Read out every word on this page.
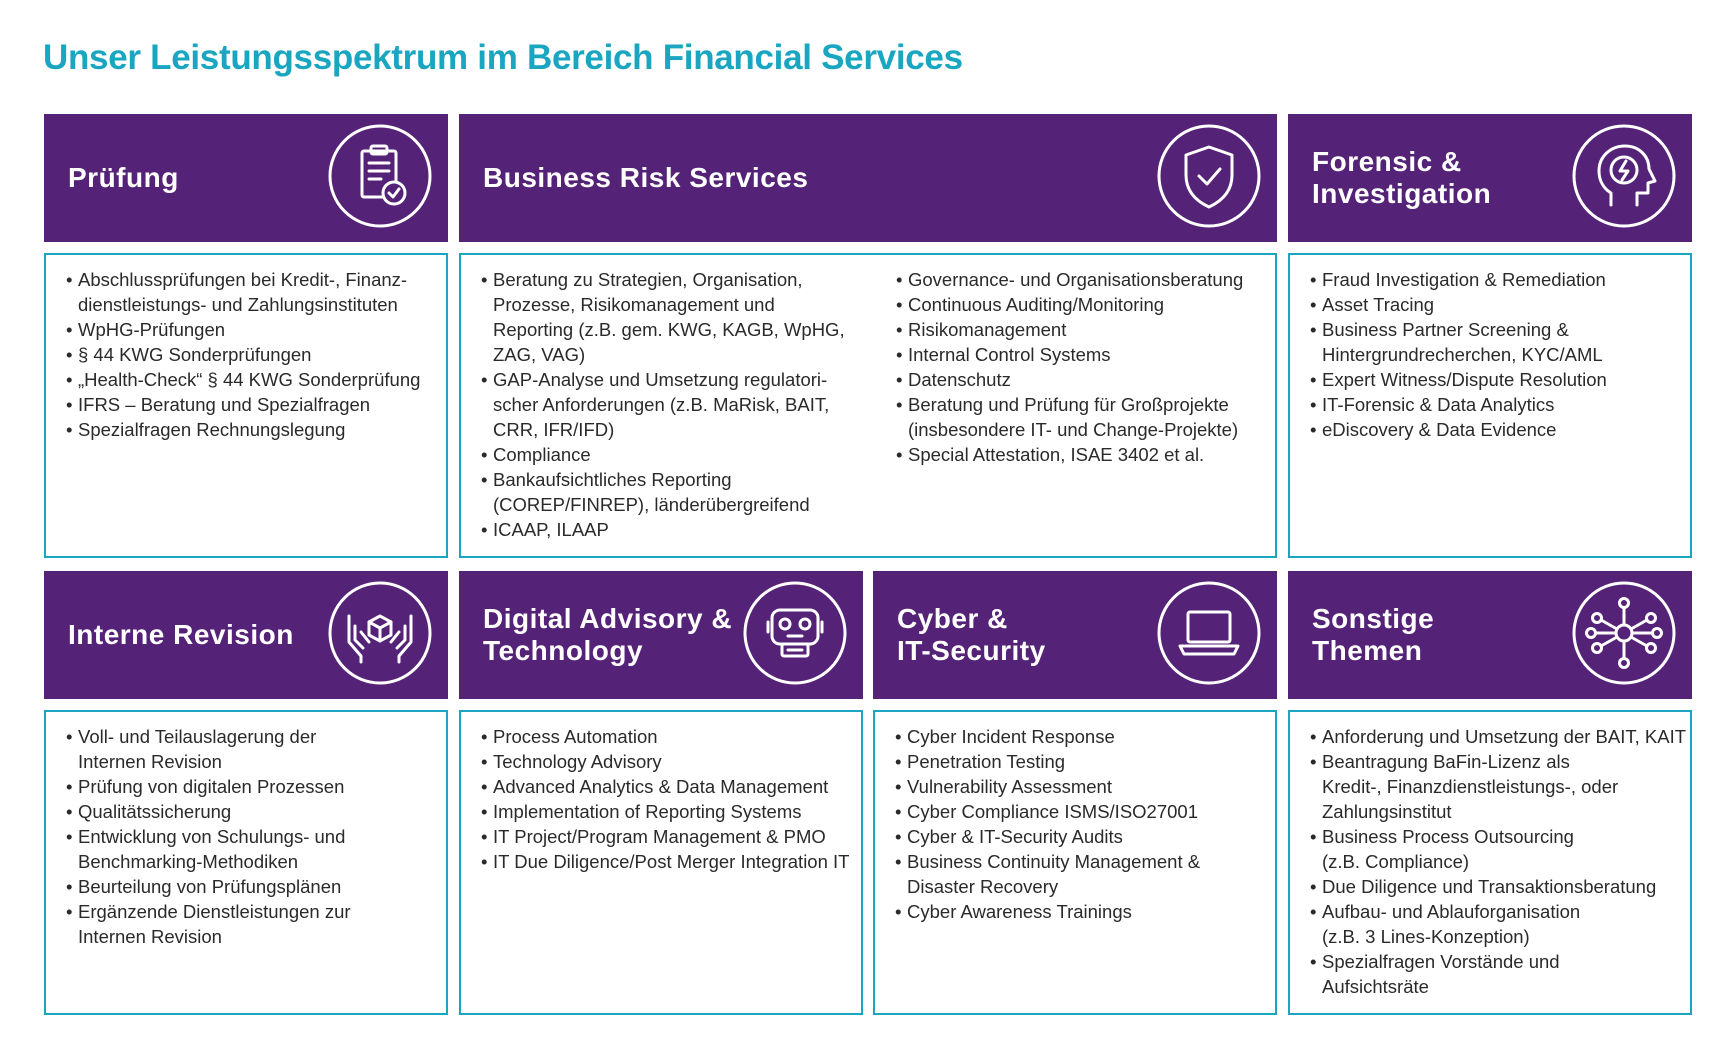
Unser Leistungsspektrum im Bereich Financial Services
Prüfung	Business Risk Services
Forensic &
Investigation
• Abschlussprüfungen bei Kredit-, Finanz-
dienstleistungs- und Zahlungsinstituten
• WpHG-Prüfungen
• § 44 KWG Sonderprüfungen
• „Health-Check“ § 44 KWG Sonderprüfung
• IFRS – Beratung und Spezialfragen
• Spezialfragen Rechnungslegung
• Beratung zu Strategien, Organisation,
Prozesse, Risikomanagement und
Reporting (z.B. gem. KWG, KAGB, WpHG,
ZAG, VAG)
• GAP-Analyse und Umsetzung regulatori-
scher Anforderungen (z.B. MaRisk, BAIT,
CRR, IFR/IFD)
• Compliance
• Bankaufsichtliches Reporting
(COREP/FINREP), länderübergreifend
• ICAAP, ILAAP
• Governance- und Organisationsberatung
• Continuous Auditing/Monitoring
• Risikomanagement
• Internal Control Systems
• Datenschutz
• Beratung und Prüfung für Großprojekte
(insbesondere IT- und Change-Projekte)
• Special Attestation, ISAE 3402 et al.
• Fraud Investigation & Remediation
• Asset Tracing
• Business Partner Screening &
Hintergrundrecherchen, KYC/AML
• Expert Witness/Dispute Resolution
• IT-Forensic & Data Analytics
• eDiscovery & Data Evidence
Interne Revision
Digital Advisory &
Technology
Cyber &
IT-Security
Sonstige
Themen
• Voll- und Teilauslagerung der
Internen Revision
• Prüfung von digitalen Prozessen
• Qualitätssicherung
• Entwicklung von Schulungs- und
Benchmarking-Methodiken
• Beurteilung von Prüfungsplänen
• Ergänzende Dienstleistungen zur
Internen Revision
• Process Automation
• Technology Advisory
• Advanced Analytics & Data Management
• Implementation of Reporting Systems
• IT Project/Program Management & PMO
• IT Due Diligence/Post Merger Integration IT
• Cyber Incident Response
• Penetration Testing
• Vulnerability Assessment
• Cyber Compliance ISMS/ISO27001
• Cyber & IT-Security Audits
• Business Continuity Management &
Disaster Recovery
• Cyber Awareness Trainings
• Anforderung und Umsetzung der BAIT, KAIT
• Beantragung BaFin-Lizenz als
Kredit-, Finanzdienstleistungs-, oder
Zahlungsinstitut
• Business Process Outsourcing
(z.B. Compliance)
• Due Diligence und Transaktionsberatung
• Aufbau- und Ablauforganisation
(z.B. 3 Lines-Konzeption)
• Spezialfragen Vorstände und
Aufsichtsräte
